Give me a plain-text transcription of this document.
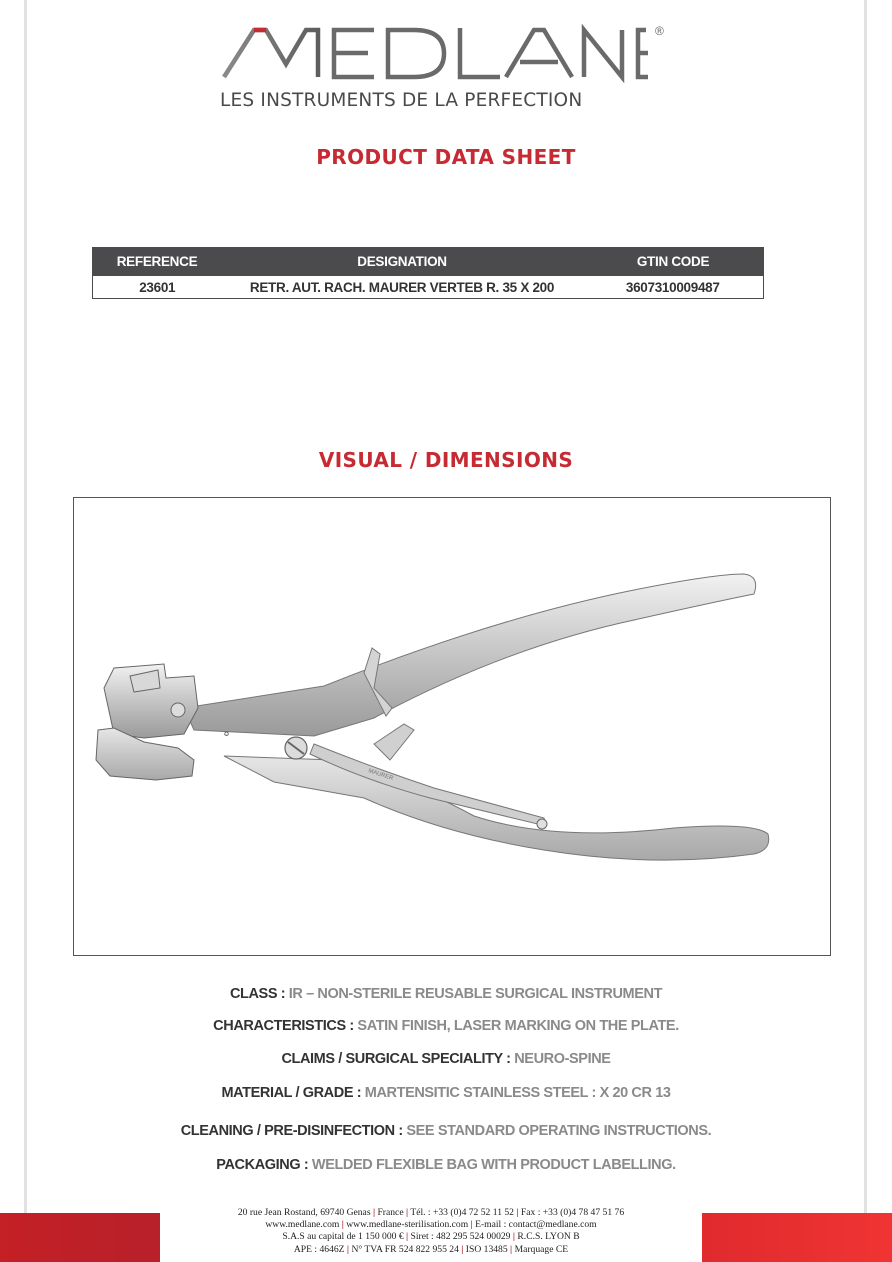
®
LES INSTRUMENTS DE LA PERFECTION
PRODUCT DATA SHEET
REFERENCE	DESIGNATION	GTIN CODE
23601	RETR. AUT. RACH. MAURER VERTEB R. 35 X 200	3607310009487
VISUAL / DIMENSIONS
✪
MAURER
CLASS : IR – NON-STERILE REUSABLE SURGICAL INSTRUMENT
CHARACTERISTICS : SATIN FINISH, LASER MARKING ON THE PLATE.
CLAIMS / SURGICAL SPECIALITY : NEURO-SPINE
MATERIAL / GRADE : MARTENSITIC STAINLESS STEEL : X 20 CR 13
CLEANING / PRE-DISINFECTION : SEE STANDARD OPERATING INSTRUCTIONS.
PACKAGING : WELDED FLEXIBLE BAG WITH PRODUCT LABELLING.
20 rue Jean Rostand, 69740 Genas | France | Tél. : +33 (0)4 72 52 11 52 | Fax : +33 (0)4 78 47 51 76
www.medlane.com | www.medlane-sterilisation.com | E-mail : contact@medlane.com
S.A.S au capital de 1 150 000 € | Siret : 482 295 524 00029 | R.C.S. LYON B
APE : 4646Z | N° TVA FR 524 822 955 24 | ISO 13485 | Marquage CE
